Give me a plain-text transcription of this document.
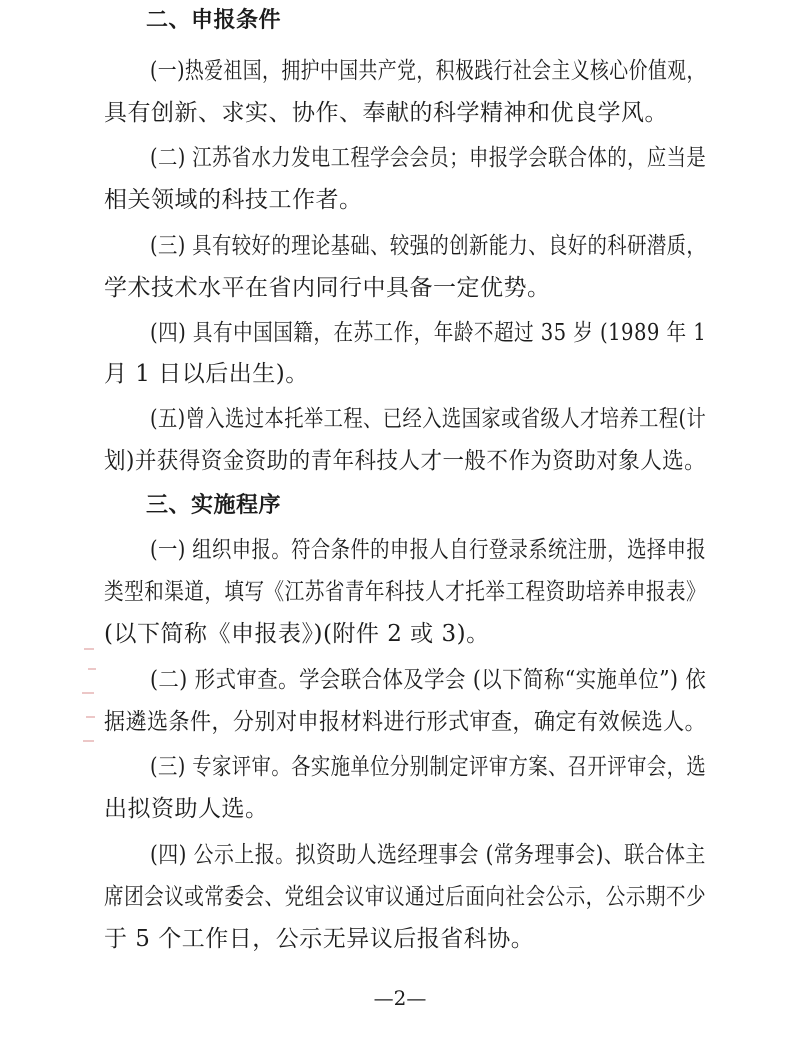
二、申报条件
(一)热爱祖国，拥护中国共产党，积极践行社会主义核心价值观，
具有创新、求实、协作、奉献的科学精神和优良学风。
(二) 江苏省水力发电工程学会会员；申报学会联合体的，应当是
相关领域的科技工作者。
(三) 具有较好的理论基础、较强的创新能力、良好的科研潜质，
学术技术水平在省内同行中具备一定优势。
(四) 具有中国国籍，在苏工作，年龄不超过 35 岁 (1989 年 1
月 1 日以后出生)。
(五)曾入选过本托举工程、已经入选国家或省级人才培养工程(计
划)并获得资金资助的青年科技人才一般不作为资助对象人选。
三、实施程序
(一) 组织申报。符合条件的申报人自行登录系统注册，选择申报
类型和渠道，填写《江苏省青年科技人才托举工程资助培养申报表》
(以下简称《申报表》)(附件 2 或 3)。
(二) 形式审查。学会联合体及学会 (以下简称“实施单位”) 依
据遴选条件，分别对申报材料进行形式审查，确定有效候选人。
(三) 专家评审。各实施单位分别制定评审方案、召开评审会，选
出拟资助人选。
(四) 公示上报。拟资助人选经理事会 (常务理事会)、联合体主
席团会议或常委会、党组会议审议通过后面向社会公示，公示期不少
于 5 个工作日，公示无异议后报省科协。
—2—
